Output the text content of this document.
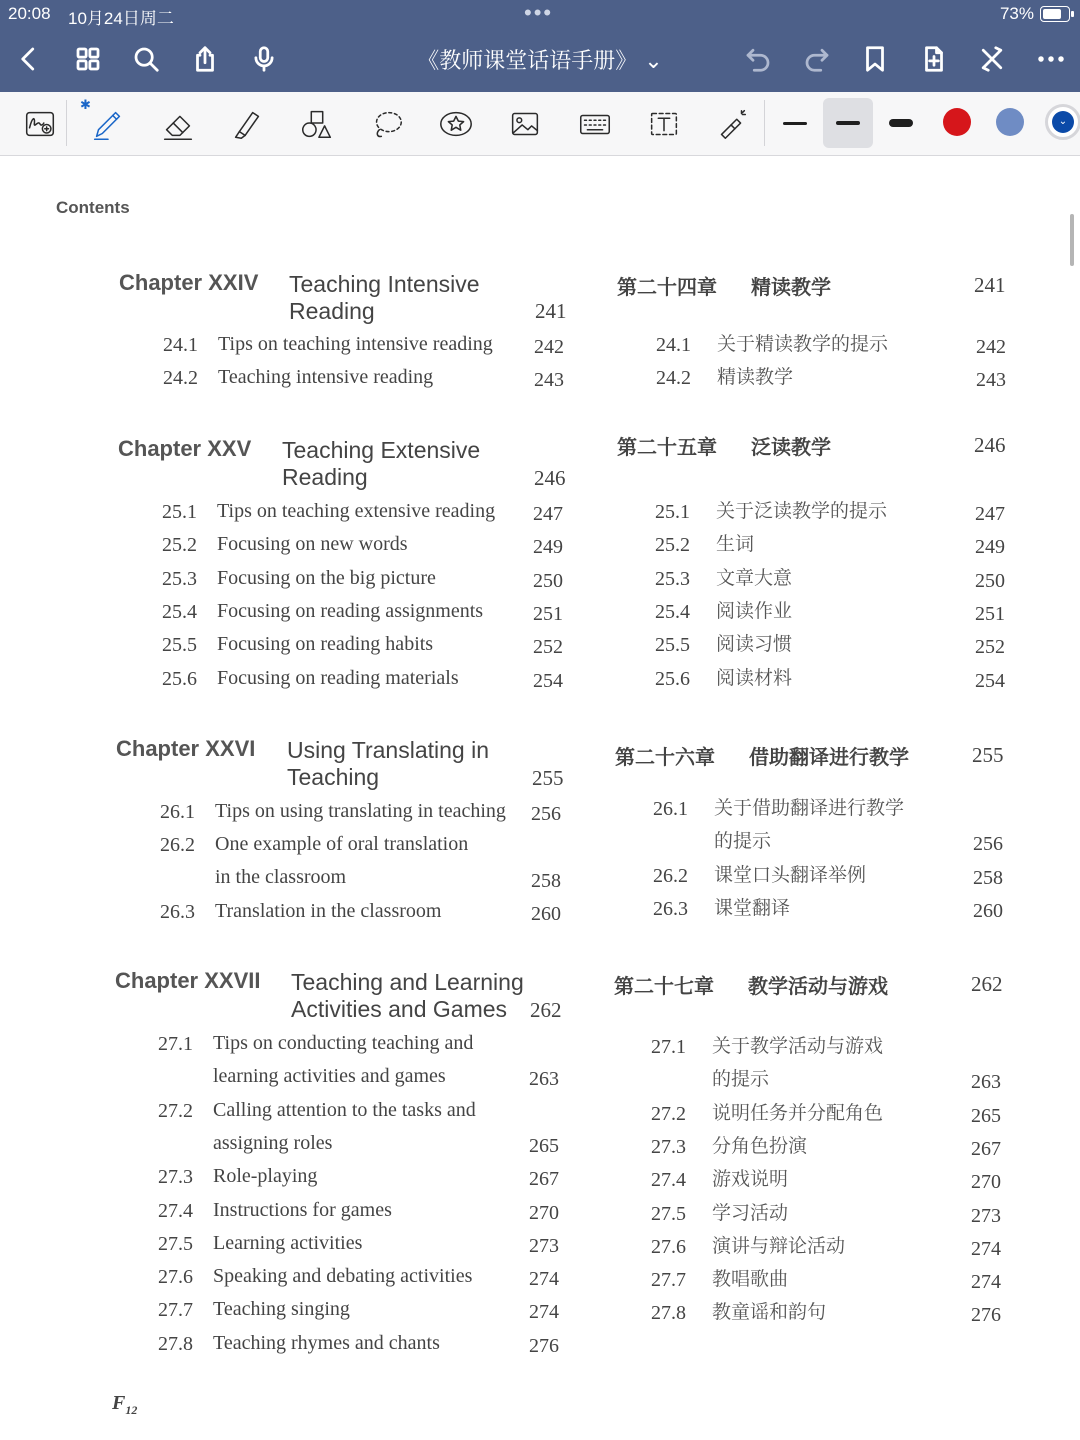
20:08 10月24日周二	•••	73%
《教师课堂话语手册》 ⌄
✱
⌄
Contents
Chapter XXIV Teaching Intensive
Reading	241
第二十四章 精读教学	241
24.1 Tips on teaching intensive reading	242
24.2 Teaching intensive reading	243
24.1 关于精读教学的提示	242
24.2 精读教学	243
Chapter XXV Teaching Extensive
Reading	246
第二十五章 泛读教学	246
25.1 Tips on teaching extensive reading	247
25.2 Focusing on new words	249
25.3 Focusing on the big picture	250
25.4 Focusing on reading assignments	251
25.5 Focusing on reading habits	252
25.6 Focusing on reading materials	254
25.1 关于泛读教学的提示	247
25.2 生词	249
25.3 文章大意	250
25.4 阅读作业	251
25.5 阅读习惯	252
25.6 阅读材料	254
Chapter XXVI Using Translating in
Teaching	255
第二十六章 借助翻译进行教学	255
26.1 Tips on using translating in teaching	256
26.2 One example of oral translation
in the classroom	258
26.3 Translation in the classroom	260
26.1 关于借助翻译进行教学
的提示	256
26.2 课堂口头翻译举例	258
26.3 课堂翻译	260
Chapter XXVII Teaching and Learning
Activities and Games	262
第二十七章 教学活动与游戏	262
27.1 Tips on conducting teaching and
learning activities and games	263
27.2 Calling attention to the tasks and
assigning roles	265
27.3 Role-playing	267
27.4 Instructions for games	270
27.5 Learning activities	273
27.6 Speaking and debating activities	274
27.7 Teaching singing	274
27.8 Teaching rhymes and chants	276
27.1 关于教学活动与游戏
的提示	263
27.2 说明任务并分配角色	265
27.3 分角色扮演	267
27.4 游戏说明	270
27.5 学习活动	273
27.6 演讲与辩论活动	274
27.7 教唱歌曲	274
27.8 教童谣和韵句	276
$F_{12}$
